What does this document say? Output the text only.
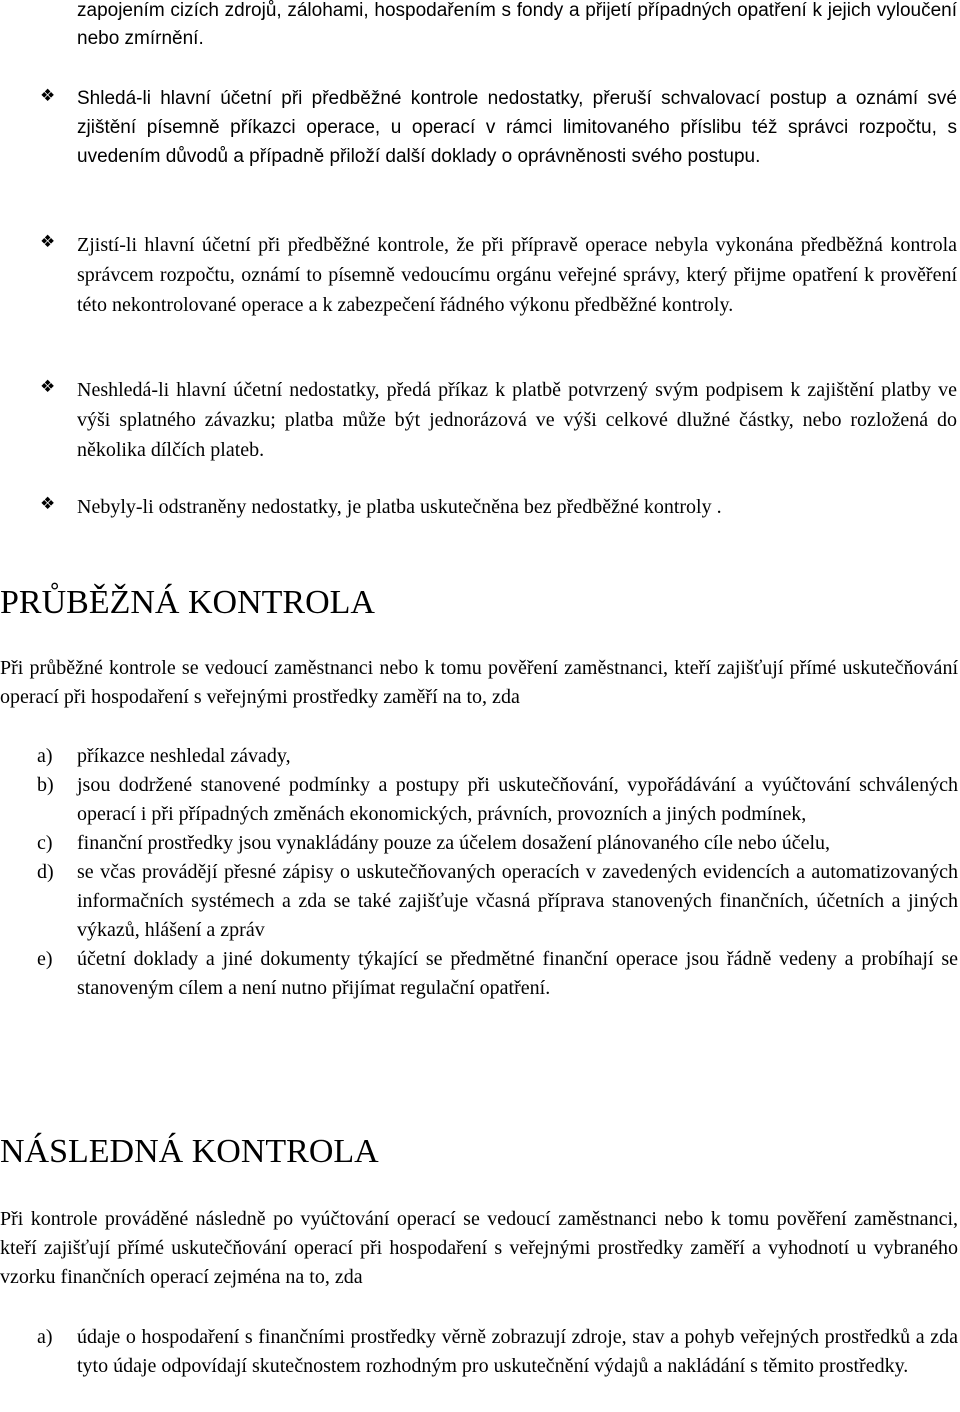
zapojením cizích zdrojů, zálohami, hospodařením s fondy a přijetí případných opatření k jejich vyloučení nebo zmírnění.
❖ Shledá-li hlavní účetní při předběžné kontrole nedostatky, přeruší schvalovací postup a oznámí své zjištění písemně příkazci operace, u operací v rámci limitovaného příslibu též správci rozpočtu, s uvedením důvodů a případně přiloží další doklady o oprávněnosti svého postupu.
❖ Zjistí-li hlavní účetní při předběžné kontrole, že při přípravě operace nebyla vykonána předběžná kontrola správcem rozpočtu, oznámí to písemně vedoucímu orgánu veřejné správy, který přijme opatření k prověření této nekontrolované operace a k zabezpečení řádného výkonu předběžné kontroly.
❖ Neshledá-li hlavní účetní nedostatky, předá příkaz k platbě potvrzený svým podpisem k zajištění platby ve výši splatného závazku; platba může být jednorázová ve výši celkové dlužné částky, nebo rozložená do několika dílčích plateb.
❖ Nebyly-li odstraněny nedostatky, je platba uskutečněna bez předběžné kontroly .
PRŮBĚŽNÁ KONTROLA
Při průběžné kontrole se vedoucí zaměstnanci nebo k tomu pověření zaměstnanci, kteří zajišťují přímé uskutečňování operací při hospodaření s veřejnými prostředky zaměří na to, zda
a) příkazce neshledal závady,
b) jsou dodržené stanovené podmínky a postupy při uskutečňování, vypořádávání a vyúčtování schválených operací i při případných změnách ekonomických, právních, provozních a jiných podmínek,
c) finanční prostředky jsou vynakládány pouze za účelem dosažení plánovaného cíle nebo účelu,
d) se včas provádějí přesné zápisy o uskutečňovaných operacích v zavedených evidencích a automatizovaných informačních systémech a zda se také zajišťuje včasná příprava stanovených finančních, účetních a jiných výkazů, hlášení a zpráv
e) účetní doklady a jiné dokumenty týkající se předmětné finanční operace jsou řádně vedeny a probíhají se stanoveným cílem a není nutno přijímat regulační opatření.
NÁSLEDNÁ KONTROLA
Při kontrole prováděné následně po vyúčtování operací se vedoucí zaměstnanci nebo k tomu pověření zaměstnanci, kteří zajišťují přímé uskutečňování operací při hospodaření s veřejnými prostředky zaměří a vyhodnotí u vybraného vzorku finančních operací zejména na to, zda
a) údaje o hospodaření s finančními prostředky věrně zobrazují zdroje, stav a pohyb veřejných prostředků a zda tyto údaje odpovídají skutečnostem rozhodným pro uskutečnění výdajů a nakládání s těmito prostředky.
